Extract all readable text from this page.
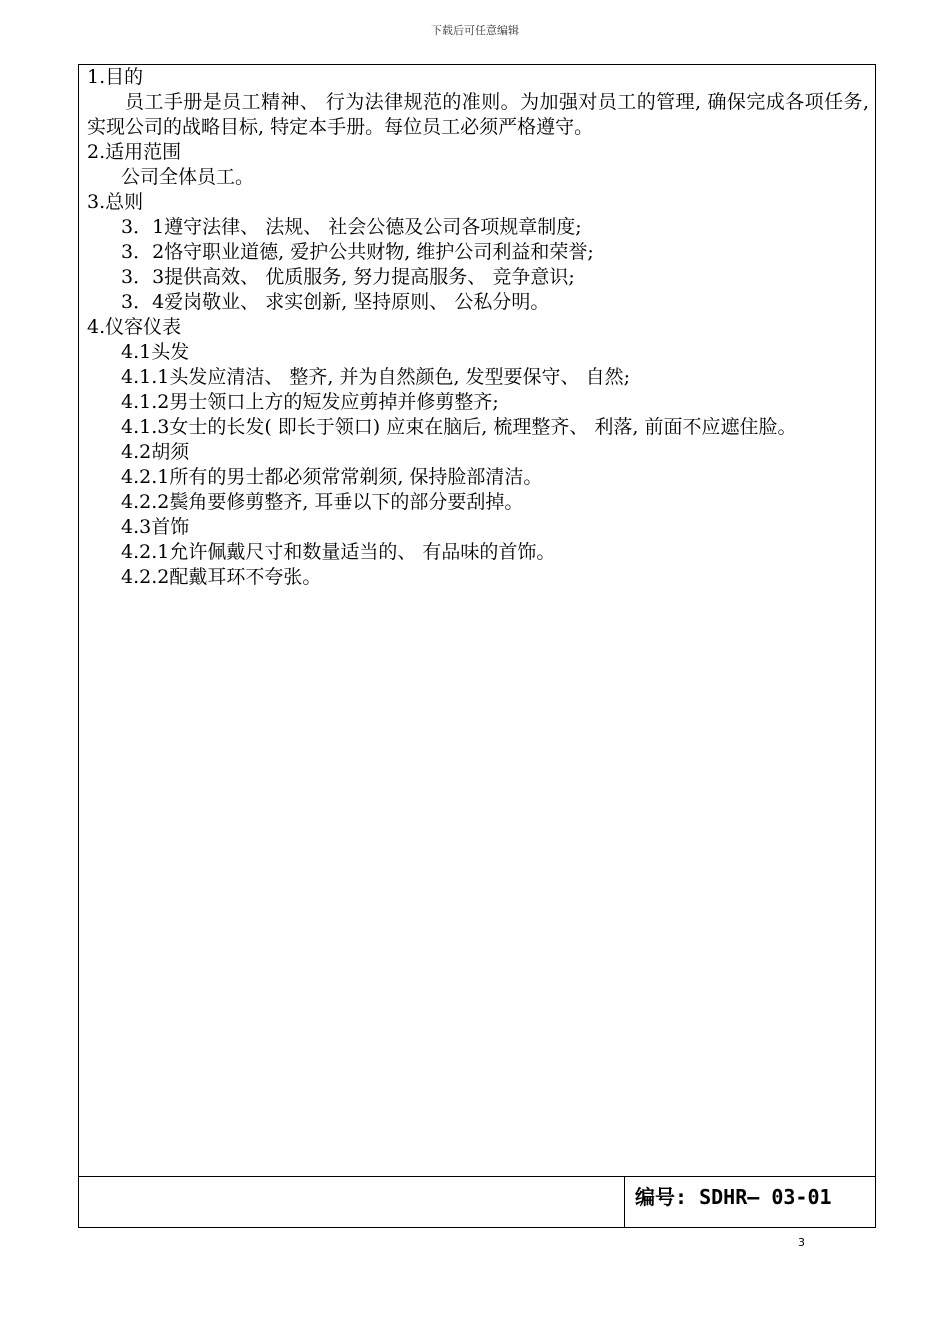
下载后可任意编辑
1.目的
员工手册是员工精神、 行为法律规范的准则。为加强对员工的管理, 确保完成各项任务, 实现公司的战略目标, 特定本手册。每位员工必须严格遵守。
2.适用范围
公司全体员工。
3.总则
3．1遵守法律、 法规、 社会公德及公司各项规章制度;
3．2恪守职业道德, 爱护公共财物, 维护公司利益和荣誉;
3．3提供高效、 优质服务, 努力提高服务、 竞争意识;
3．4爱岗敬业、 求实创新, 坚持原则、 公私分明。
4.仪容仪表
4.1头发
4.1.1头发应清洁、 整齐, 并为自然颜色, 发型要保守、 自然;
4.1.2男士领口上方的短发应剪掉并修剪整齐;
4.1.3女士的长发( 即长于领口) 应束在脑后, 梳理整齐、 利落, 前面不应遮住脸。
4.2胡须
4.2.1所有的男士都必须常常剃须, 保持脸部清洁。
4.2.2鬓角要修剪整齐, 耳垂以下的部分要刮掉。
4.3首饰
4.2.1允许佩戴尺寸和数量适当的、 有品味的首饰。
4.2.2配戴耳环不夸张。
编号: SDHR— 03-01
3
